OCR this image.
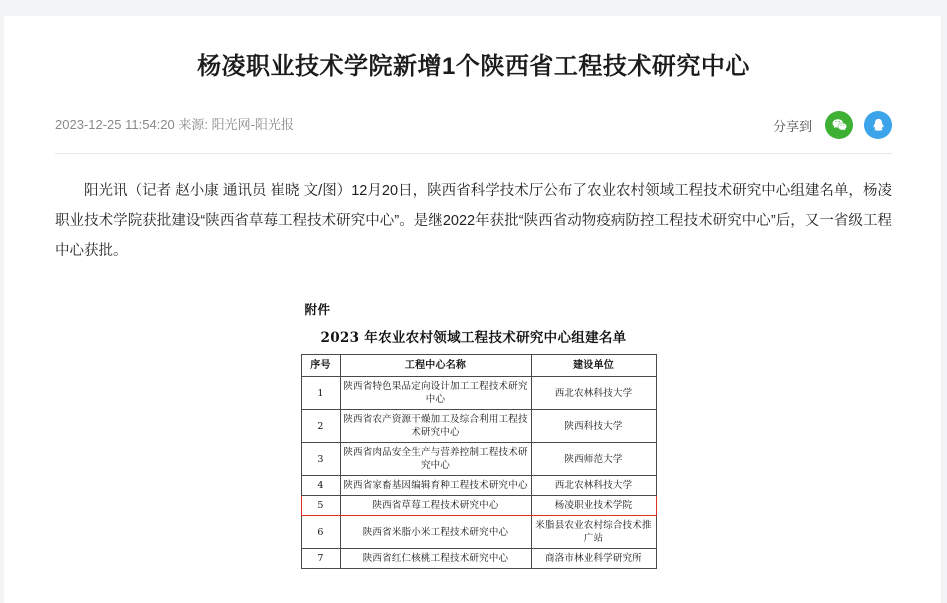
杨凌职业技术学院新增1个陕西省工程技术研究中心
2023-12-25 11:54:20 来源: 阳光网-阳光报	分享到

阳光讯（记者 赵小康 通讯员 崔晓 文/图）12月20日，陕西省科学技术厅公布了农业农村领域工程技术研究中心组建名单，杨凌职业技术学院获批建设“陕西省草莓工程技术研究中心”。是继2022年获批“陕西省动物疫病防控工程技术研究中心”后，又一省级工程中心获批。

附件
2023 年农业农村领域工程技术研究中心组建名单
序号	工程中心名称	建设单位
1	陕西省特色果品定向设计加工工程技术研究中心	西北农林科技大学
2	陕西省农产资源干燥加工及综合利用工程技术研究中心	陕西科技大学
3	陕西省肉品安全生产与营养控制工程技术研究中心	陕西师范大学
4	陕西省家畜基因编辑育种工程技术研究中心	西北农林科技大学
5	陕西省草莓工程技术研究中心	杨凌职业技术学院
6	陕西省米脂小米工程技术研究中心	米脂县农业农村综合技术推广站
7	陕西省红仁核桃工程技术研究中心	商洛市林业科学研究所
